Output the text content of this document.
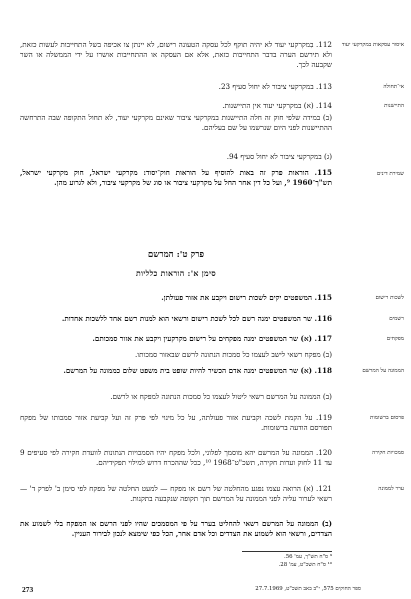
112. בִמקרקעי יעוד לא יהיה תוקף לכל עסקה הטעונה רישום, לא יינתן צו אכיפה בשל התחייבות לעשות כזאת, ולא תירשם הערה בדבר התחייבות כזאת, אלא אם העסקה או ההתחייבות אושרו על ידי הממשלה או השר שקבעה לכך.
113. במקרקעי ציבור לא יחול סעיף 23.
114. (א) במקרקעי יעוד אין התיישנות.
(ב) במידה שלפי חוק זה חלה התיישנות במקרקעי ציבור שאינם מקרקעי יעוד, לא תחול התקופה שבה התרחשה ההתיישנות לפני היום שנרשמו על שם בעליהם.
(ג) במקרקעי ציבור לא יחול סעיף 94.
115. הוראות פרק זה באות להוסיף על הוראות חוק־יסוד: מקרקעי ישראל, חוק מקרקעי ישראל, תש"ך־1960 ⁹, ועל כל דין אחר החל על מקרקעי ציבור או סוג של מקרקעי ציבור, ולא לגרוע מהן.
פרק ט': המרשם
סימן א': הוראות כלליות
115. המשפטים יקים לשכות רישום ויקבע את אזור פעולתן.
116. שר המשפטים ימנה רשם לכל לשכת רישום ורשאי הוא למנות רשם אחד ללשכות אחדות.
117. (א) שר המשפטים ימנה מפקחים על רישום מקרקעין ויקבע את אזור סמכותם.
(ב) מפקח רשאי לישב לעצמו כל סמכות הנתונה לרשם שבאזור סמכותו.
118. (א) שר המשפטים ימנה אדם הכשיר להיות שופט בית משפט שלום כממונה על המרשם.
(ב) הממונה על המרשם רשאי ליטול לעצמו כל סמכות הנתונה למפקח או לרשם.
119. על הקמת לשכה וקביעת אזור פעולתה, על כל מינוי לפי פרק זה ועל קביעת אזור סמכותו של מפקח תפורסם הודעה ברשומות.
120. הממונה על המרשם יהא מוסמך לפלוני, ולכל מפקח יהיו הסמכויות הנתונות לוועדת חקירה לפי סעיפים 9 עד 11 לחוק ועדות חקירה, תשכ"ט־1968 ¹⁰, ככל שההכרח דרוש למילוי תפקידיהם.
121. (א) הרואה עצמו נפגע מהחלטה של רשם או מפקח — למעט החלטה של מפקח לפי סימן ב' לפרק ד' — רשאי לערור עליה לפני הממונה על המרשם תוך תקופה שנקבעה בתקנות.
(ב) הממונה על המרשם רשאי להחליט בערר על פי המסמכים שהיו לפני הרשם או המפקח בלי לשמוע את הצדדים, ורשאי הוא לשמוע את הצדדים וכל אדם אחר, הכל כפי שימצא לנכון לבירור העניין.
⁹ ס"ח תש"ך, עמ' 56.
¹⁰ ס"ח תשכ"ט, עמ' 28.
איסור עסקאות במקרקעי יעוד
אי־תחולה
התיישנות
שמירת דינים
לשכות רישום
רשמים
מפקחים
הממונה על המרשם
פרסום ברשומות
סמכויות חקירה
ערר לממונה
273	ספר החוקים 575, י"ב באב תשכ"ט, 27.7.1969
